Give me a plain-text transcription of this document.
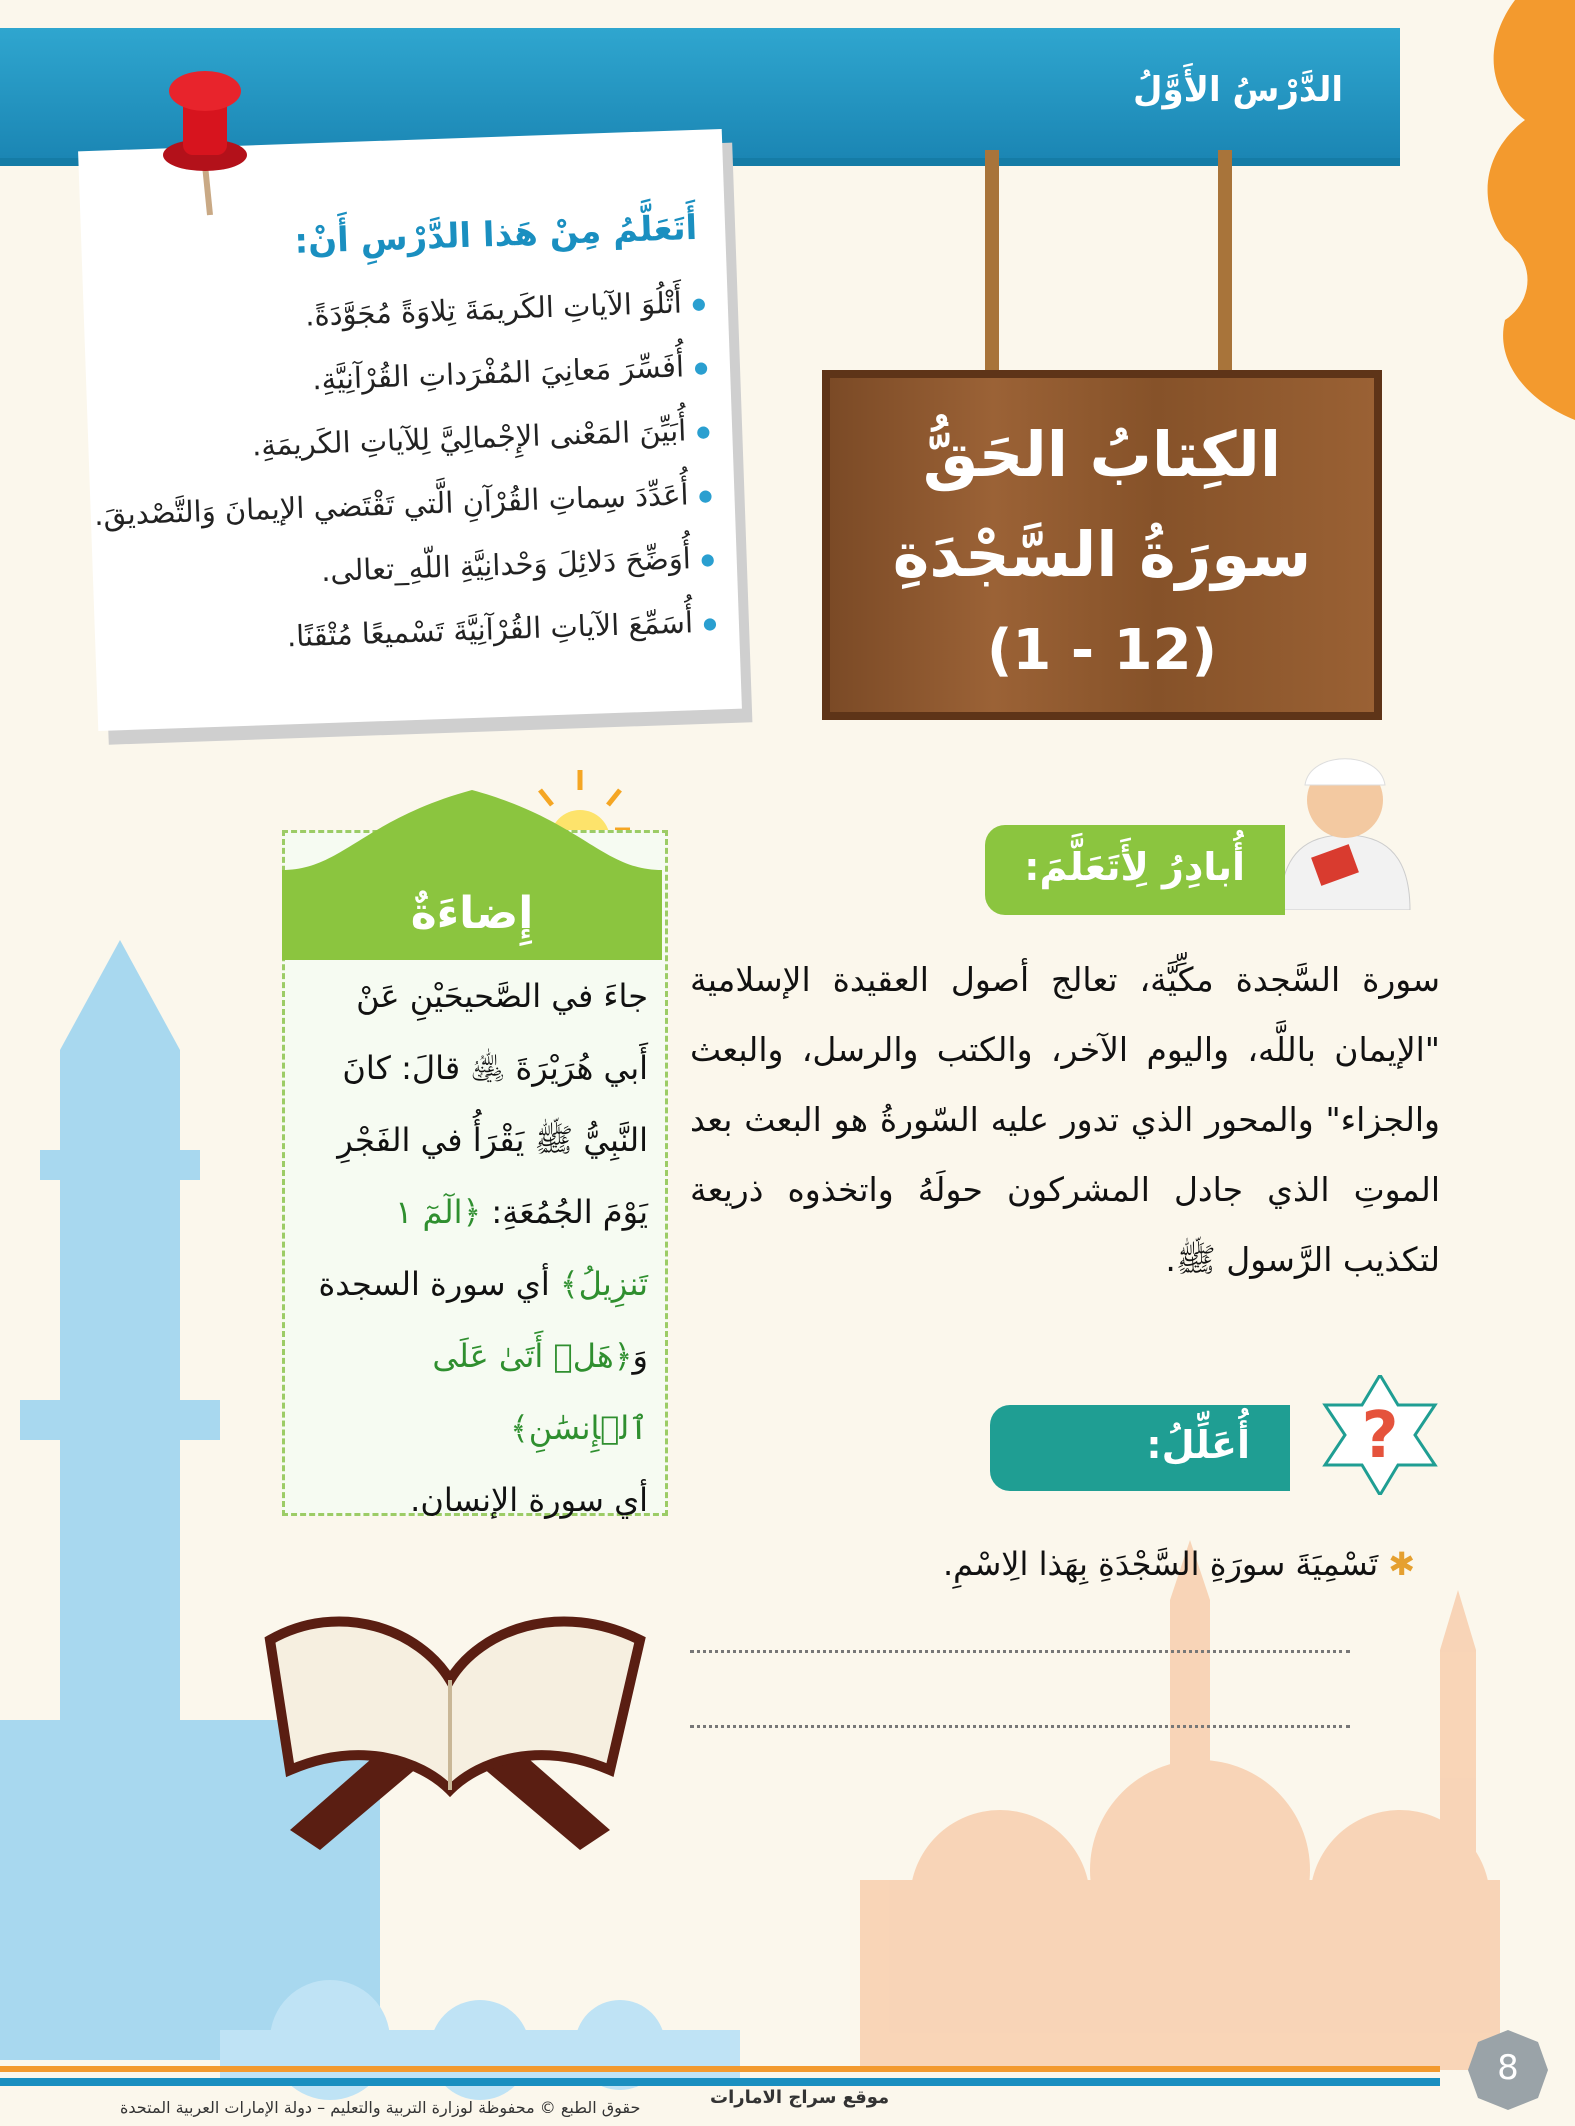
الدَّرْسُ الأَوَّلُ
أَتَعَلَّمُ مِنْ هَذا الدَّرْسِ أَنْ:
● أَتْلُوَ الآياتِ الكَريمَةَ تِلاوَةً مُجَوَّدَةً.
● أُفَسِّرَ مَعانِيَ المُفْرَداتِ القُرْآنِيَّةِ.
● أُبَيِّنَ المَعْنى الإِجْمالِيَّ لِلآياتِ الكَريمَةِ.
● أُعَدِّدَ سِماتِ القُرْآنِ الَّتي تَقْتَضي الإيمانَ وَالتَّصْديقَ.
● أُوَضِّحَ دَلائِلَ وَحْدانِيَّةِ اللّهِ_تعالى.
● أُسَمِّعَ الآياتِ القُرْآنِيَّةَ تَسْميعًا مُتْقَنًا.
الكِتابُ الحَقُّ
سورَةُ السَّجْدَةِ
(1 - 12)
أُبادِرُ لِأَتَعَلَّمَ:

سورة السَّجدة مكِّيَّة، تعالج أصول العقيدة الإسلامية "الإيمان باللَّه، واليوم الآخر، والكتب والرسل، والبعث والجزاء" والمحور الذي تدور عليه السّورةُ هو البعث بعد الموتِ الذي جادل المشركون حولَهُ واتخذوه ذريعة لتكذيب الرَّسول ﷺ.

إِضاءَةٌ

جاءَ في الصَّحيحَيْنِ عَنْ

أَبي هُرَيْرَةَ ﵁ قالَ: كانَ

النَّبِيُّ ﷺ يَقْرَأُ في الفَجْرِ

يَوْمَ الجُمُعَةِ: ﴿الٓمٓ ١

تَنزِيلُ﴾ أي سورة السجدة

وَ﴿هَلۡ أَتَىٰ عَلَى ٱلۡإِنسَٰنِ﴾

أي سورة الإنسان.

أُعَلِّلُ: ?
✱تَسْمِيَةَ سورَةِ السَّجْدَةِ بِهَذا الِاسْمِ.
حقوق الطبع © محفوظة لوزارة التربية والتعليم – دولة الإمارات العربية المتحدة	موقع سراج الامارات
8
